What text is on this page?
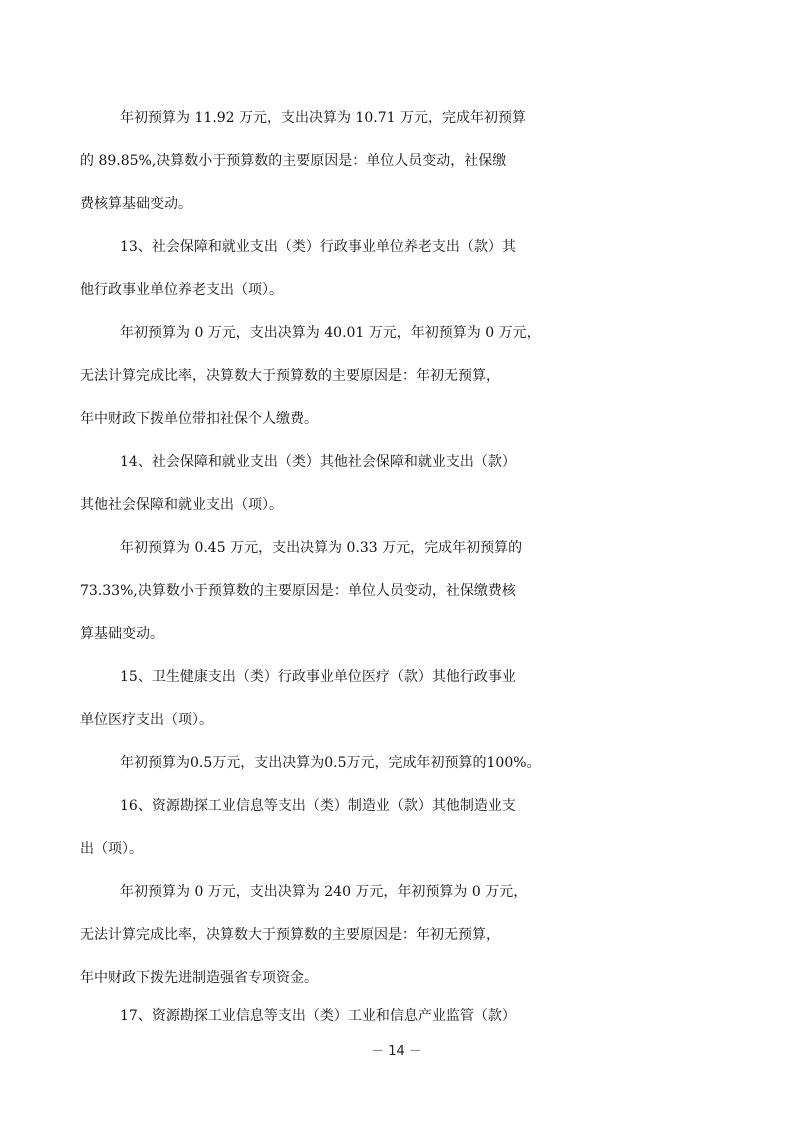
年初预算为 11.92 万元，支出决算为 10.71 万元，完成年初预算
的 89.85%,决算数小于预算数的主要原因是：单位人员变动，社保缴
费核算基础变动。
13、社会保障和就业支出（类）行政事业单位养老支出（款）其
他行政事业单位养老支出（项）。
年初预算为 0 万元，支出决算为 40.01 万元，年初预算为 0 万元，
无法计算完成比率，决算数大于预算数的主要原因是：年初无预算，
年中财政下拨单位带扣社保个人缴费。
14、社会保障和就业支出（类）其他社会保障和就业支出（款）
其他社会保障和就业支出（项）。
年初预算为 0.45 万元，支出决算为 0.33 万元，完成年初预算的
73.33%,决算数小于预算数的主要原因是：单位人员变动，社保缴费核
算基础变动。
15、卫生健康支出（类）行政事业单位医疗（款）其他行政事业
单位医疗支出（项）。
年初预算为0.5万元，支出决算为0.5万元，完成年初预算的100%。
16、资源勘探工业信息等支出（类）制造业（款）其他制造业支
出（项）。
年初预算为 0 万元，支出决算为 240 万元，年初预算为 0 万元，
无法计算完成比率，决算数大于预算数的主要原因是：年初无预算，
年中财政下拨先进制造强省专项资金。
17、资源勘探工业信息等支出（类）工业和信息产业监管（款）
－ 14 －
